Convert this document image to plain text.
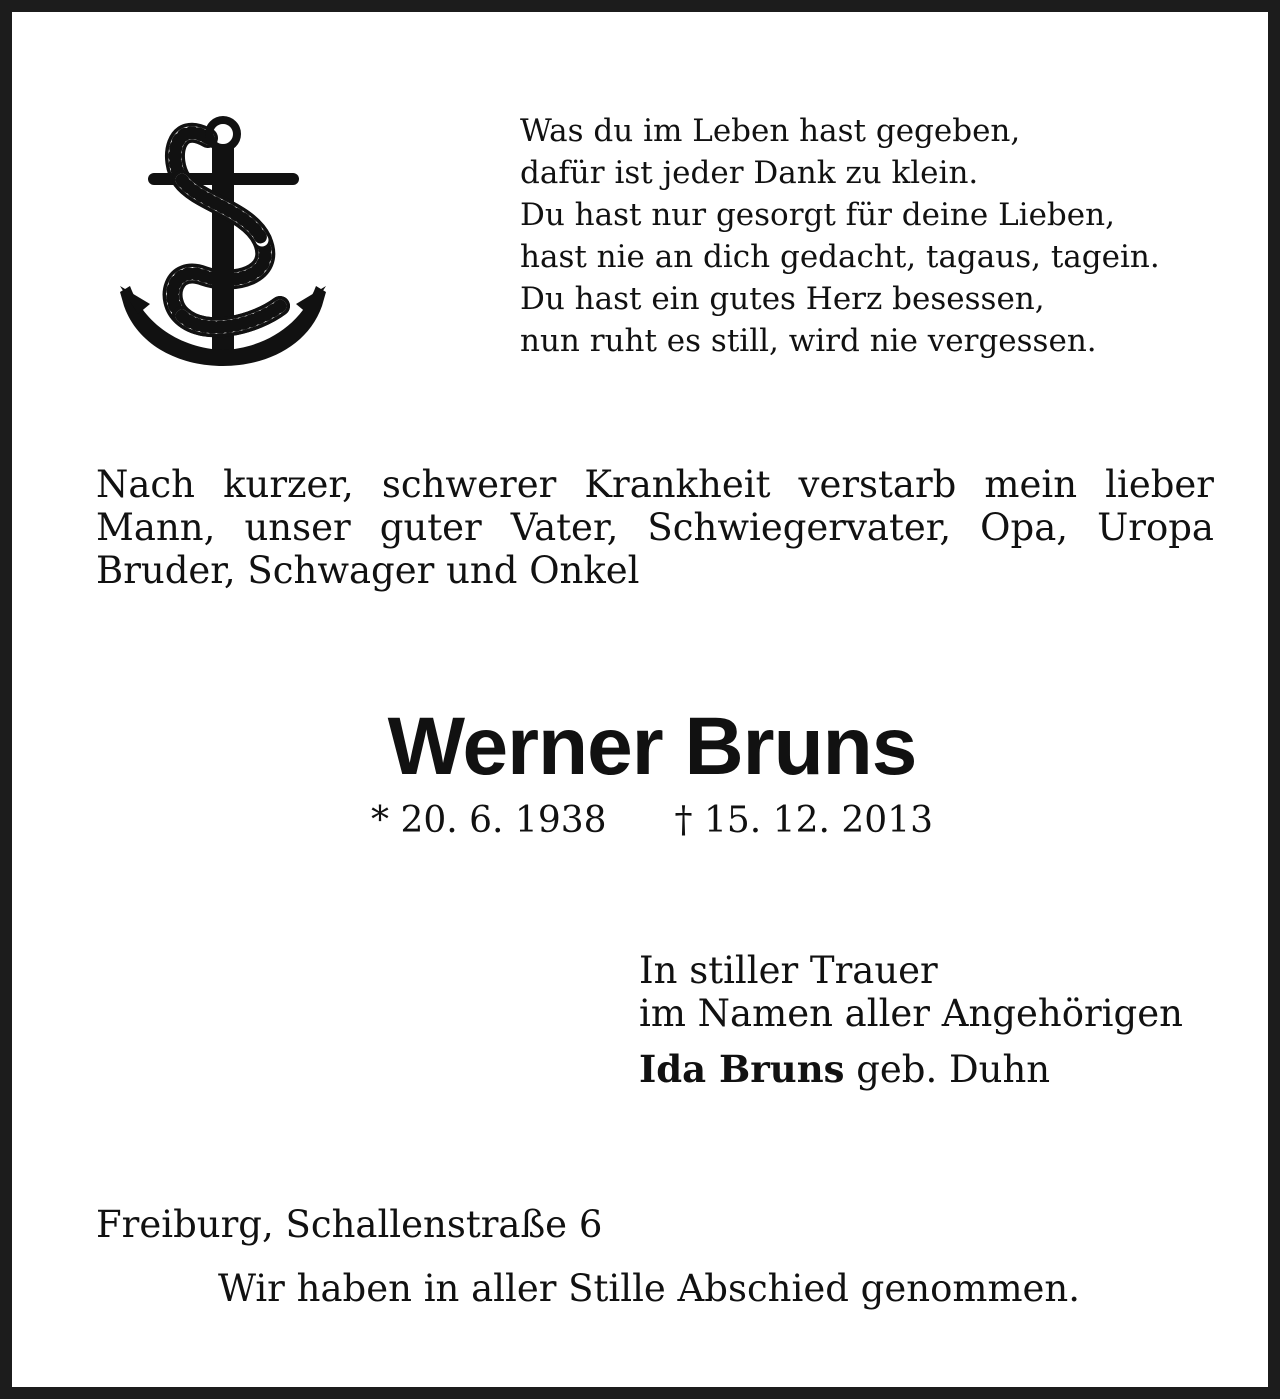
Was du im Leben hast gegeben,
dafür ist jeder Dank zu klein.
Du hast nur gesorgt für deine Lieben,
hast nie an dich gedacht, tagaus, tagein.
Du hast ein gutes Herz besessen,
nun ruht es still, wird nie vergessen.
Nach kurzer, schwerer Krankheit verstarb mein lieber
Mann, unser guter Vater, Schwiegervater, Opa, Uropa
Bruder, Schwager und Onkel
Werner Bruns
* 20. 6. 1938 † 15. 12. 2013
In stiller Trauer
im Namen aller Angehörigen
Ida Bruns geb. Duhn
Freiburg, Schallenstraße 6
Wir haben in aller Stille Abschied genommen.
